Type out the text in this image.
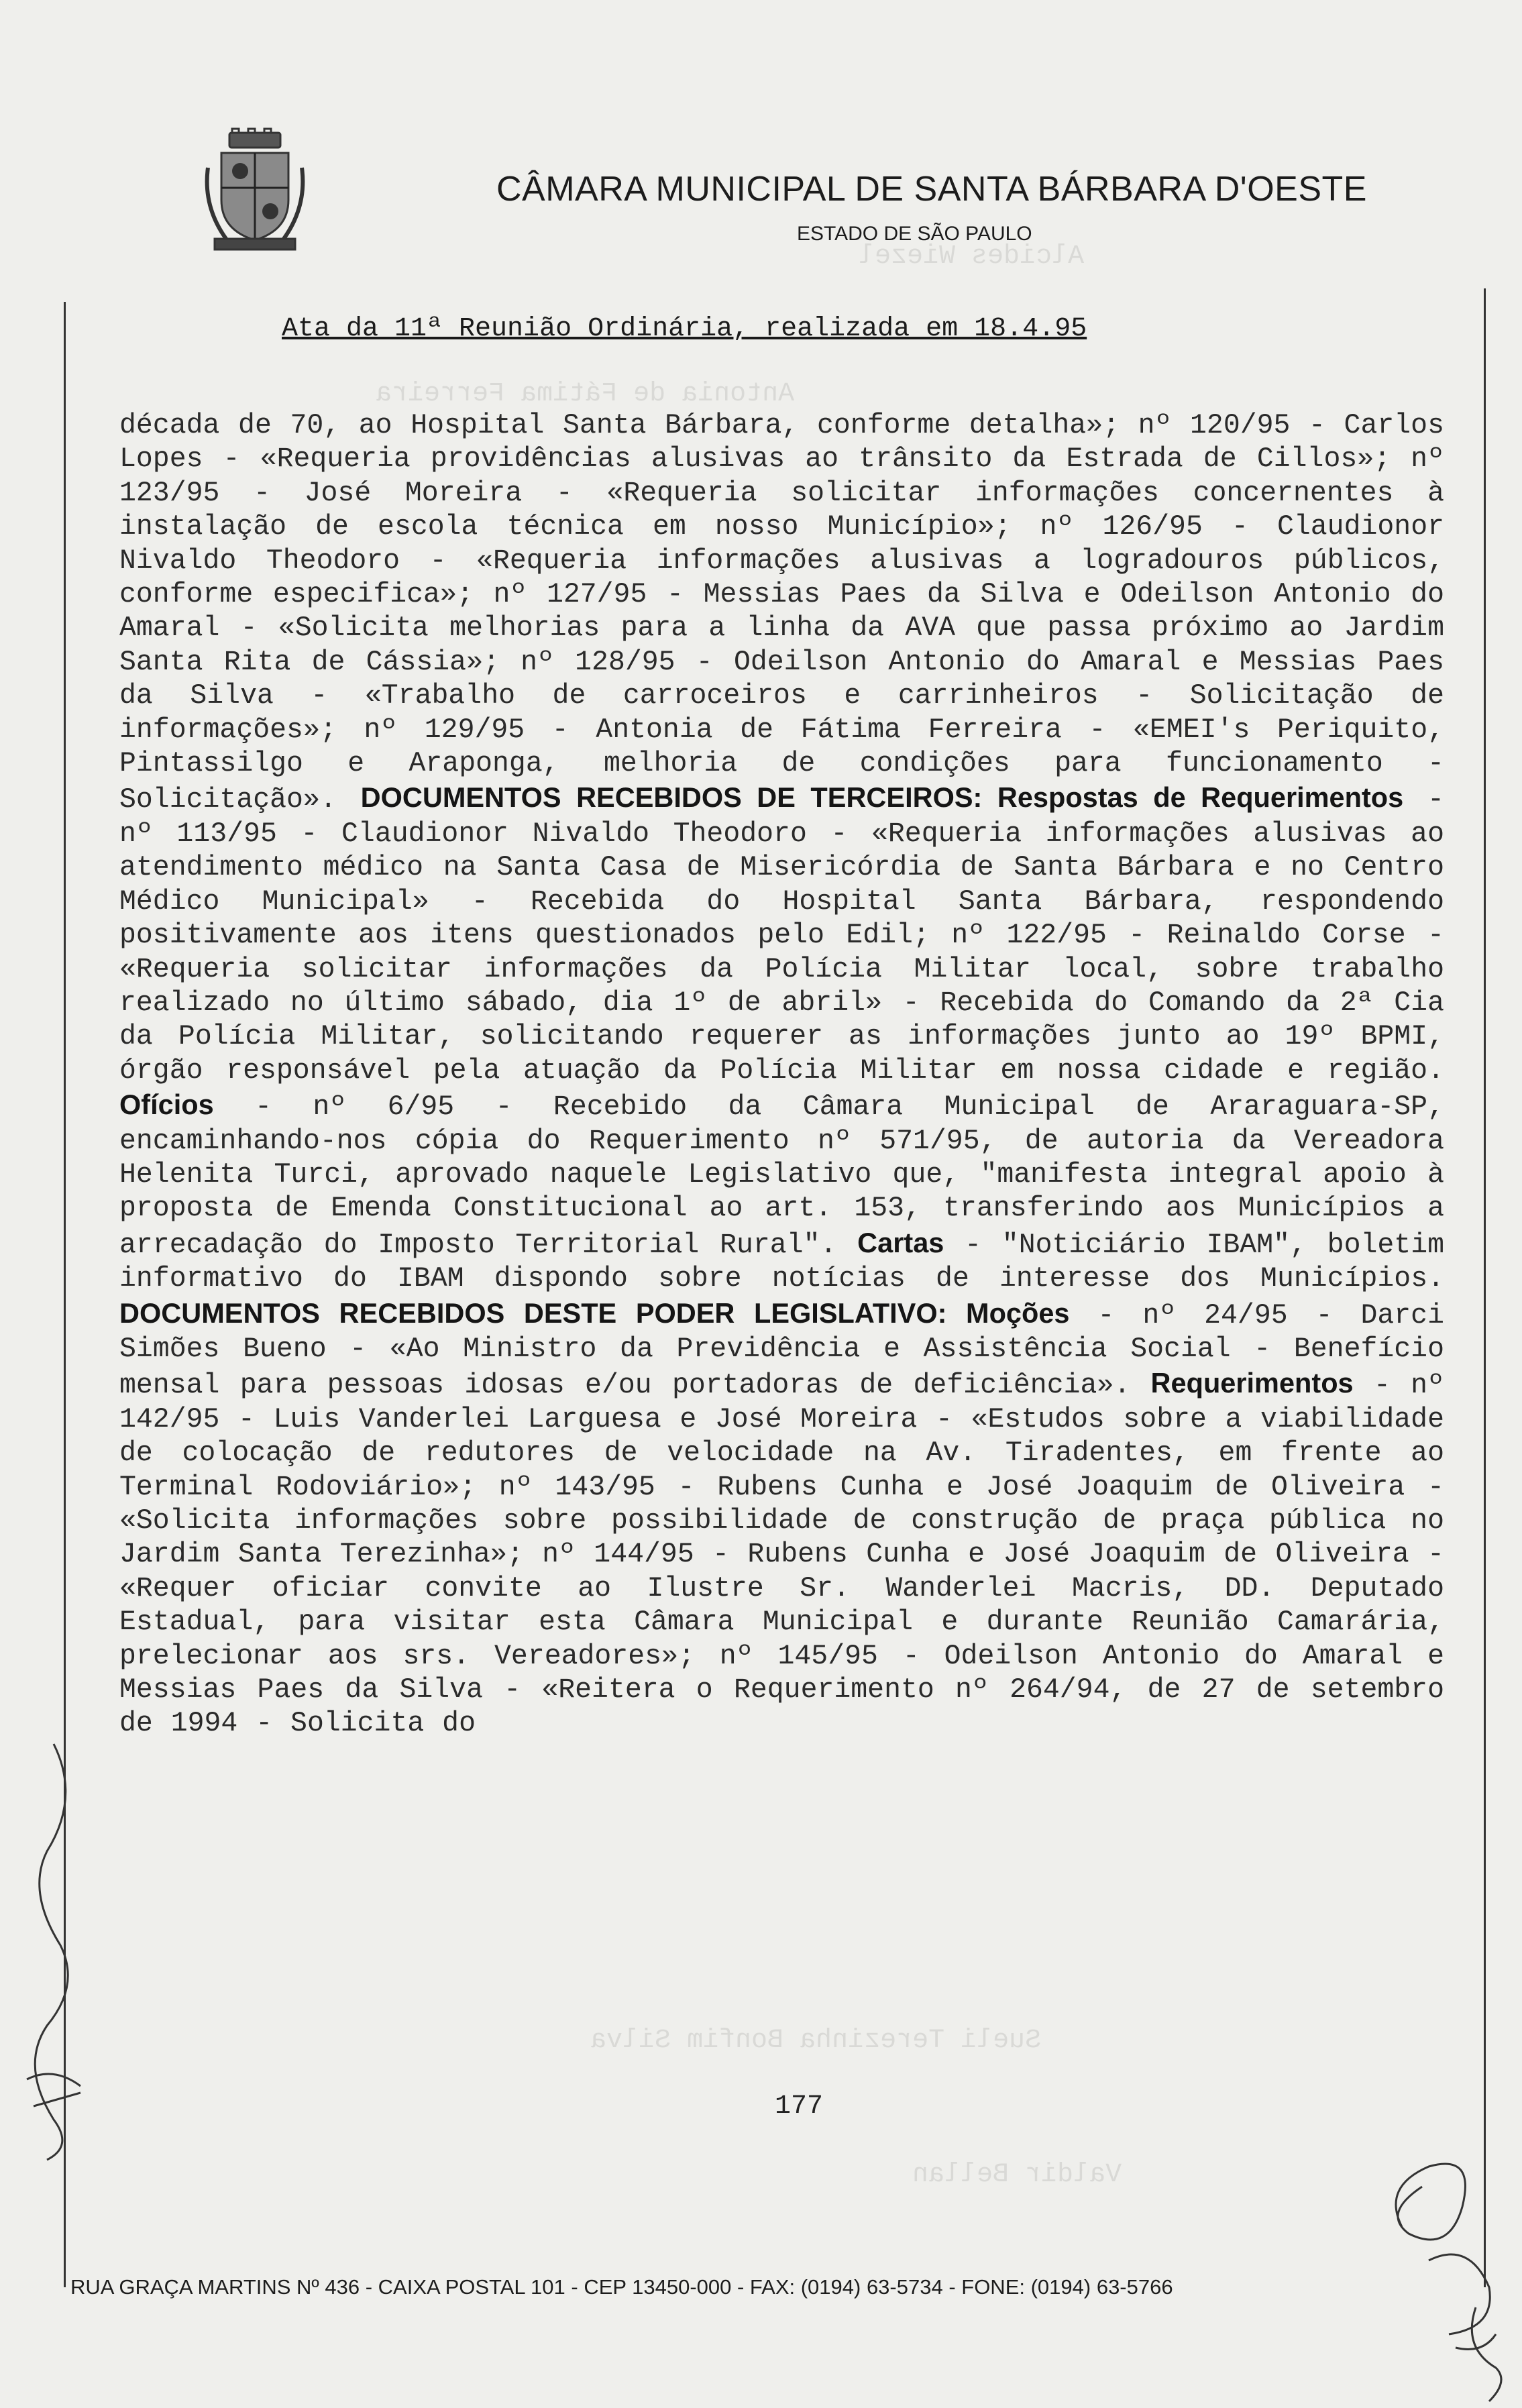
CÂMARA MUNICIPAL DE SANTA BÁRBARA D'OESTE
ESTADO DE SÃO PAULO
Alcides Wiezel
Antonia de Fátima Ferreira
Sueli Terezinha Bonfim Silva
Valdir Bellan
Ata da 11ª Reunião Ordinária, realizada em 18.4.95
década de 70, ao Hospital Santa Bárbara, conforme detalha»; nº 120/95 - Carlos Lopes - «Requeria providências alusivas ao trânsito da Estrada de Cillos»; nº 123/95 - José Moreira - «Requeria solicitar informações concernentes à instalação de escola técnica em nosso Município»; nº 126/95 - Claudionor Nivaldo Theodoro - «Requeria informações alusivas a logradouros públicos, conforme especifica»; nº 127/95 - Messias Paes da Silva e Odeilson Antonio do Amaral - «Solicita melhorias para a linha da AVA que passa próximo ao Jardim Santa Rita de Cássia»; nº 128/95 - Odeilson Antonio do Amaral e Messias Paes da Silva - «Trabalho de carroceiros e carrinheiros - Solicitação de informações»; nº 129/95 - Antonia de Fátima Ferreira - «EMEI's Periquito, Pintassilgo e Araponga, melhoria de condições para funcionamento - Solicitação». DOCUMENTOS RECEBIDOS DE TERCEIROS: Respostas de Requerimentos - nº 113/95 - Claudionor Nivaldo Theodoro - «Requeria informações alusivas ao atendimento médico na Santa Casa de Misericórdia de Santa Bárbara e no Centro Médico Municipal» - Recebida do Hospital Santa Bárbara, respondendo positivamente aos itens questionados pelo Edil; nº 122/95 - Reinaldo Corse - «Requeria solicitar informações da Polícia Militar local, sobre trabalho realizado no último sábado, dia 1º de abril» - Recebida do Comando da 2ª Cia da Polícia Militar, solicitando requerer as informações junto ao 19º BPMI, órgão responsável pela atuação da Polícia Militar em nossa cidade e região. Ofícios - nº 6/95 - Recebido da Câmara Municipal de Araraguara-SP, encaminhando-nos cópia do Requerimento nº 571/95, de autoria da Vereadora Helenita Turci, aprovado naquele Legislativo que, "manifesta integral apoio à proposta de Emenda Constitucional ao art. 153, transferindo aos Municípios a arrecadação do Imposto Territorial Rural". Cartas - "Noticiário IBAM", boletim informativo do IBAM dispondo sobre notícias de interesse dos Municípios. DOCUMENTOS RECEBIDOS DESTE PODER LEGISLATIVO: Moções - nº 24/95 - Darci Simões Bueno - «Ao Ministro da Previdência e Assistência Social - Benefício mensal para pessoas idosas e/ou portadoras de deficiência». Requerimentos - nº 142/95 - Luis Vanderlei Larguesa e José Moreira - «Estudos sobre a viabilidade de colocação de redutores de velocidade na Av. Tiradentes, em frente ao Terminal Rodoviário»; nº 143/95 - Rubens Cunha e José Joaquim de Oliveira - «Solicita informações sobre possibilidade de construção de praça pública no Jardim Santa Terezinha»; nº 144/95 - Rubens Cunha e José Joaquim de Oliveira - «Requer oficiar convite ao Ilustre Sr. Wanderlei Macris, DD. Deputado Estadual, para visitar esta Câmara Municipal e durante Reunião Camarária, prelecionar aos srs. Vereadores»; nº 145/95 - Odeilson Antonio do Amaral e Messias Paes da Silva - «Reitera o Requerimento nº 264/94, de 27 de setembro de 1994 - Solicita do
177
RUA GRAÇA MARTINS Nº 436 - CAIXA POSTAL 101 - CEP 13450-000 - FAX: (0194) 63-5734 - FONE: (0194) 63-5766
